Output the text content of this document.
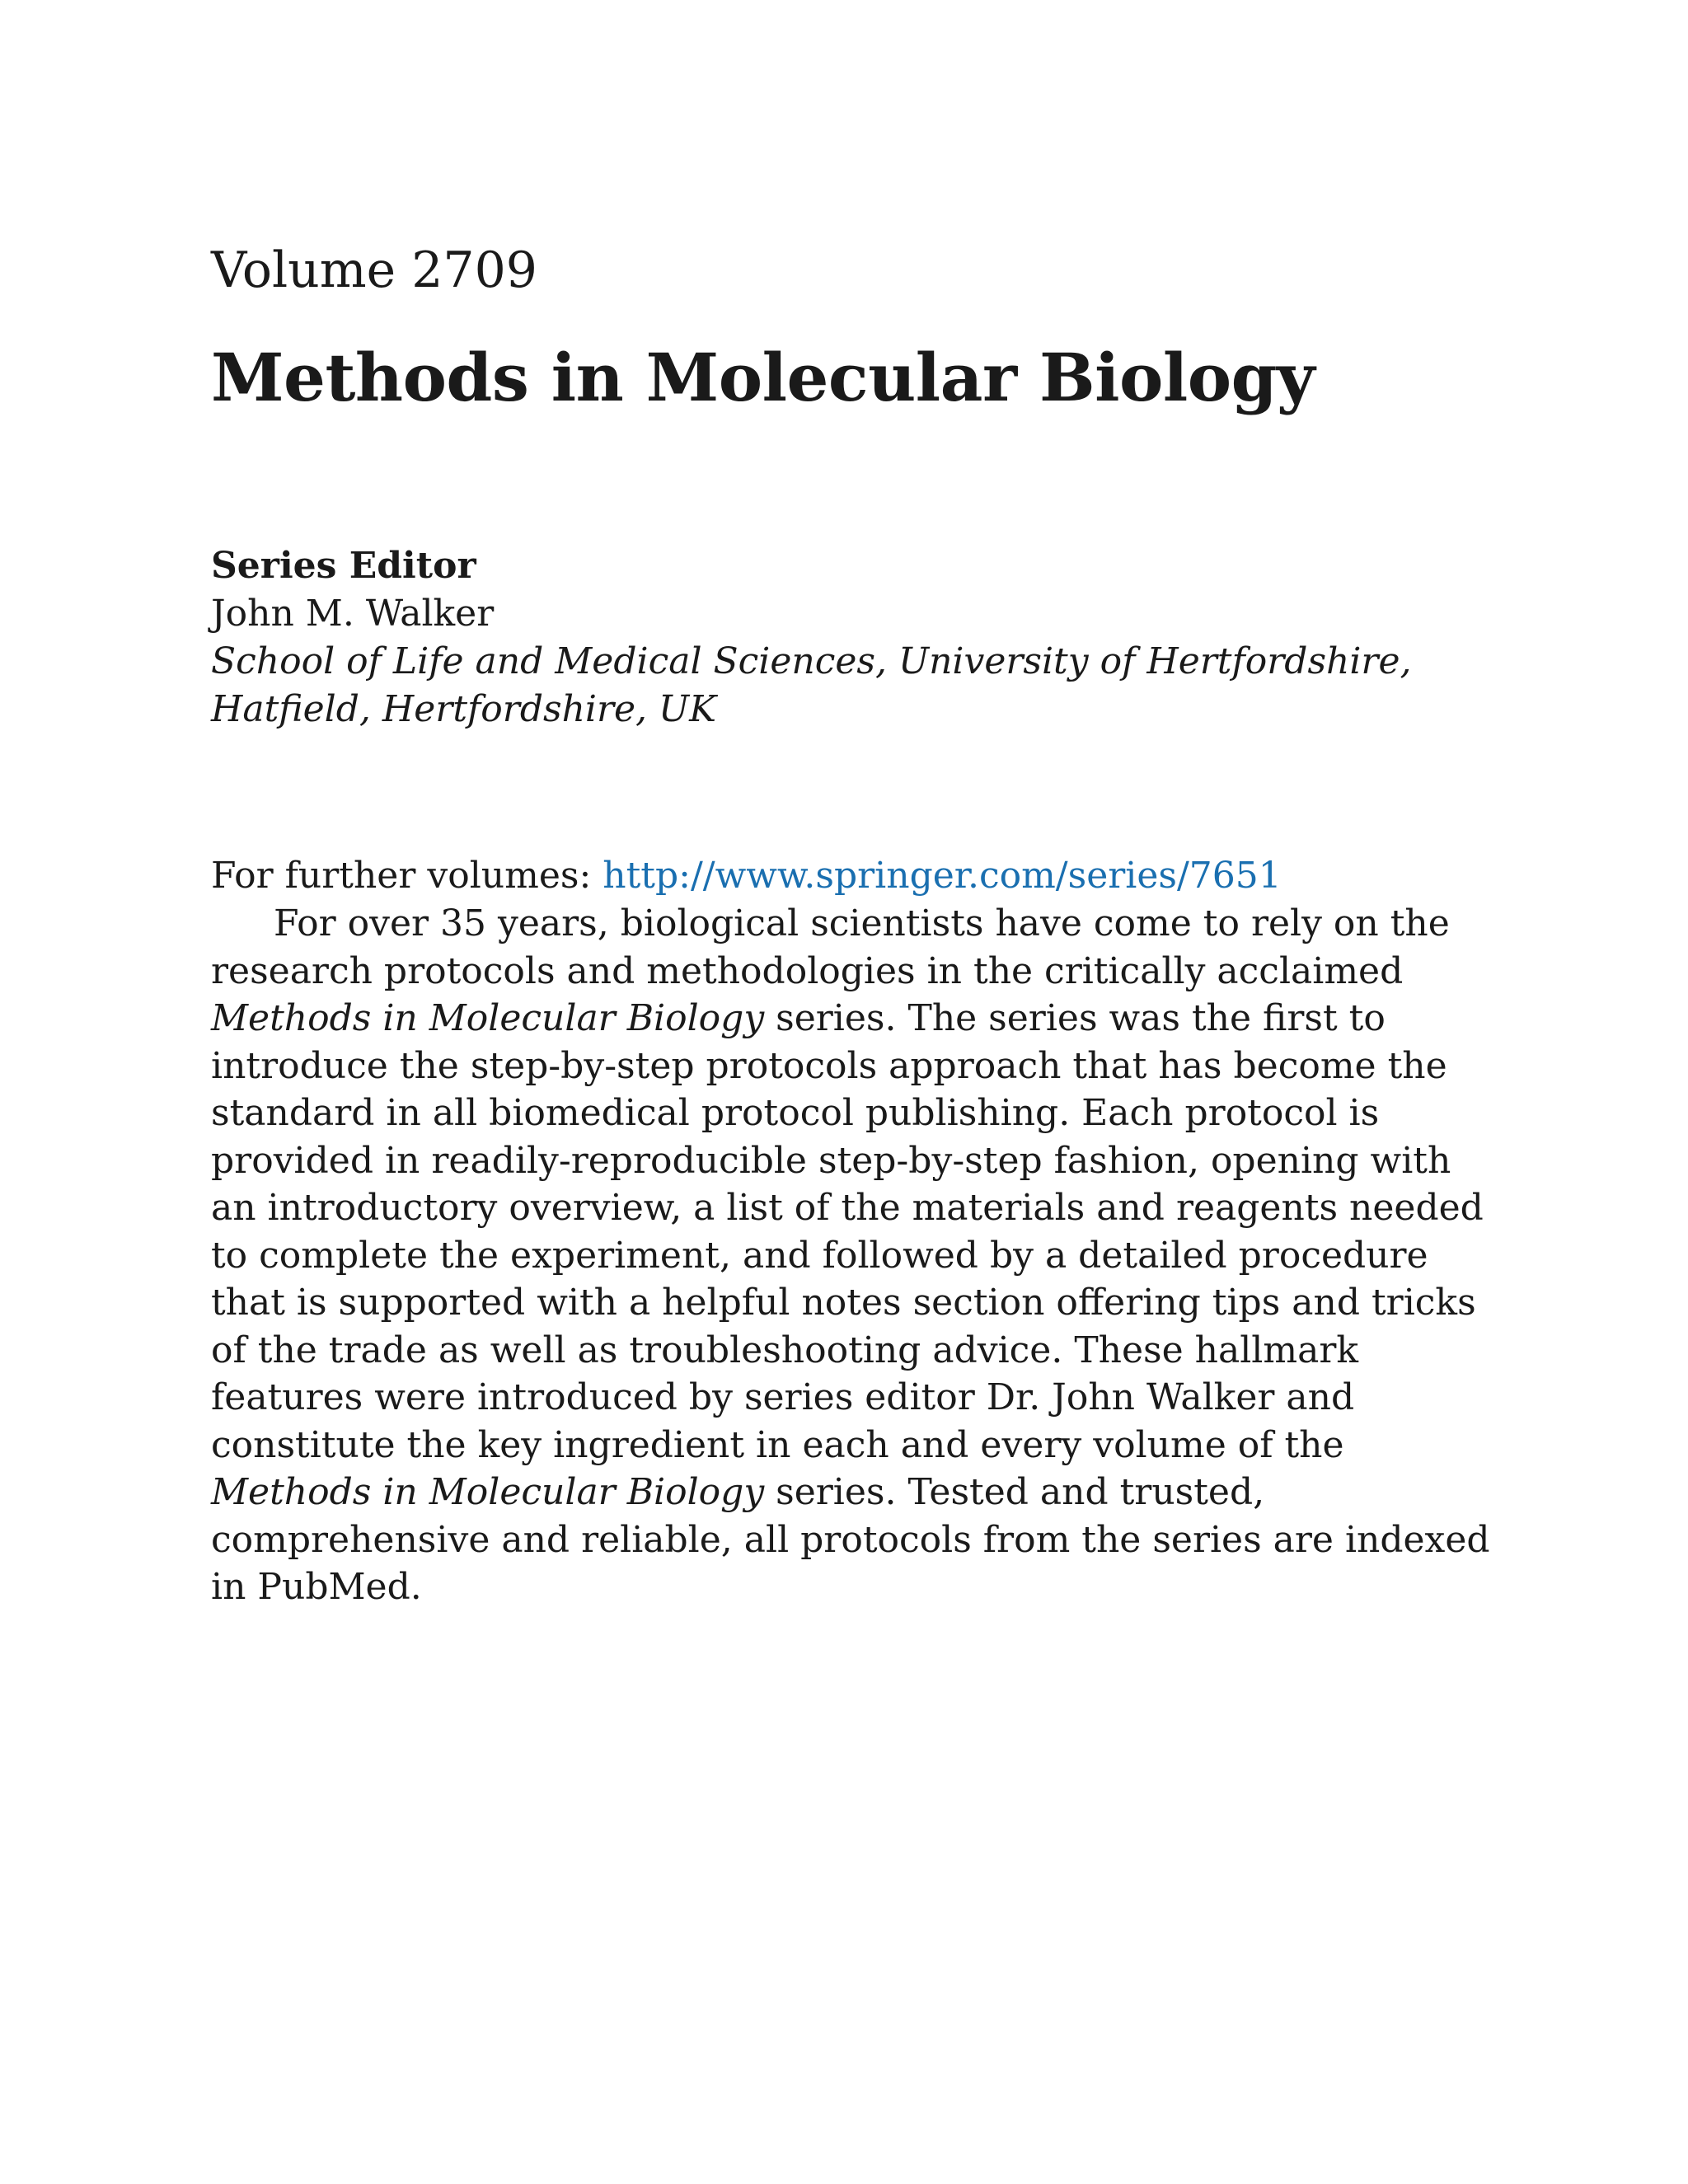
Volume 2709
Methods in Molecular Biology
Series Editor
John M. Walker
School of Life and Medical Sciences, University of Hertfordshire, Hatfield, Hertfordshire, UK
For further volumes: http://www.springer.com/series/7651

For over 35 years, biological scientists have come to rely on the research protocols and methodologies in the critically acclaimed Methods in Molecular Biology series. The series was the first to introduce the step-by-step protocols approach that has become the standard in all biomedical protocol publishing. Each protocol is provided in readily-reproducible step-by-step fashion, opening with an introductory overview, a list of the materials and reagents needed to complete the experiment, and followed by a detailed procedure that is supported with a helpful notes section offering tips and tricks of the trade as well as troubleshooting advice. These hallmark features were introduced by series editor Dr. John Walker and constitute the key ingredient in each and every volume of the Methods in Molecular Biology series. Tested and trusted, comprehensive and reliable, all protocols from the series are indexed in PubMed.
